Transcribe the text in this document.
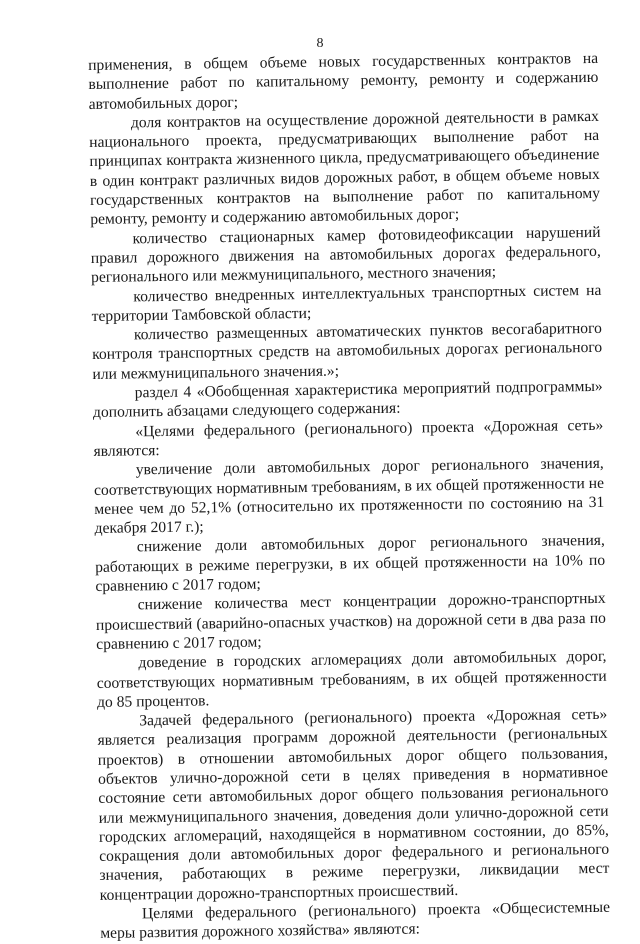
8

применения, в общем объеме новых государственных контрактов на выполнение работ по капитальному ремонту, ремонту и содержанию автомобильных дорог;

доля контрактов на осуществление дорожной деятельности в рамках национального проекта, предусматривающих выполнение работ на принципах контракта жизненного цикла, предусматривающего объединение в один контракт различных видов дорожных работ, в общем объеме новых государственных контрактов на выполнение работ по капитальному ремонту, ремонту и содержанию автомобильных дорог;

количество стационарных камер фотовидеофиксации нарушений правил дорожного движения на автомобильных дорогах федерального, регионального или межмуниципального, местного значения;

количество внедренных интеллектуальных транспортных систем на территории Тамбовской области;

количество размещенных автоматических пунктов весогабаритного контроля транспортных средств на автомобильных дорогах регионального или межмуниципального значения.»;

раздел 4 «Обобщенная характеристика мероприятий подпрограммы» дополнить абзацами следующего содержания:

«Целями федерального (регионального) проекта «Дорожная сеть» являются:

увеличение доли автомобильных дорог регионального значения, соответствующих нормативным требованиям, в их общей протяженности не менее чем до 52,1% (относительно их протяженности по состоянию на 31 декабря 2017 г.);

снижение доли автомобильных дорог регионального значения, работающих в режиме перегрузки, в их общей протяженности на 10% по сравнению с 2017 годом;

снижение количества мест концентрации дорожно-транспортных происшествий (аварийно-опасных участков) на дорожной сети в два раза по сравнению с 2017 годом;

доведение в городских агломерациях доли автомобильных дорог, соответствующих нормативным требованиям, в их общей протяженности до 85 процентов.

Задачей федерального (регионального) проекта «Дорожная сеть» является реализация программ дорожной деятельности (региональных проектов) в отношении автомобильных дорог общего пользования, объектов улично-дорожной сети в целях приведения в нормативное состояние сети автомобильных дорог общего пользования регионального или межмуниципального значения, доведения доли улично-дорожной сети городских агломераций, находящейся в нормативном состоянии, до 85%, сокращения доли автомобильных дорог федерального и регионального значения, работающих в режиме перегрузки, ликвидации мест концентрации дорожно-транспортных происшествий.

Целями федерального (регионального) проекта «Общесистемные меры развития дорожного хозяйства» являются:
